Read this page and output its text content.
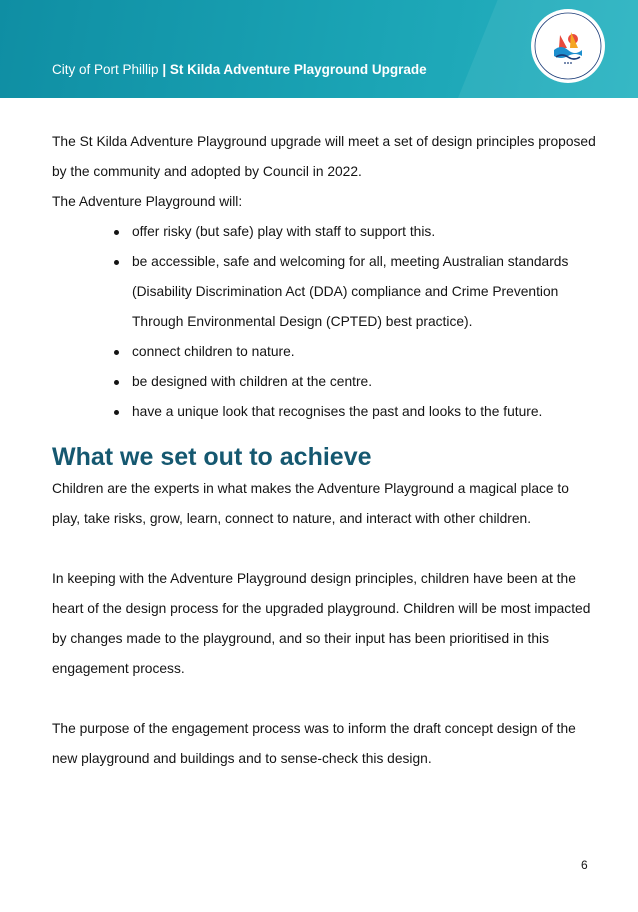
City of Port Phillip | St Kilda Adventure Playground Upgrade

The St Kilda Adventure Playground upgrade will meet a set of design principles proposed by the community and adopted by Council in 2022.

The Adventure Playground will:

offer risky (but safe) play with staff to support this.
be accessible, safe and welcoming for all, meeting Australian standards (Disability Discrimination Act (DDA) compliance and Crime Prevention Through Environmental Design (CPTED) best practice).
connect children to nature.
be designed with children at the centre.
have a unique look that recognises the past and looks to the future.
What we set out to achieve

Children are the experts in what makes the Adventure Playground a magical place to play, take risks, grow, learn, connect to nature, and interact with other children.

In keeping with the Adventure Playground design principles, children have been at the heart of the design process for the upgraded playground. Children will be most impacted by changes made to the playground, and so their input has been prioritised in this engagement process.

The purpose of the engagement process was to inform the draft concept design of the new playground and buildings and to sense-check this design.

6
